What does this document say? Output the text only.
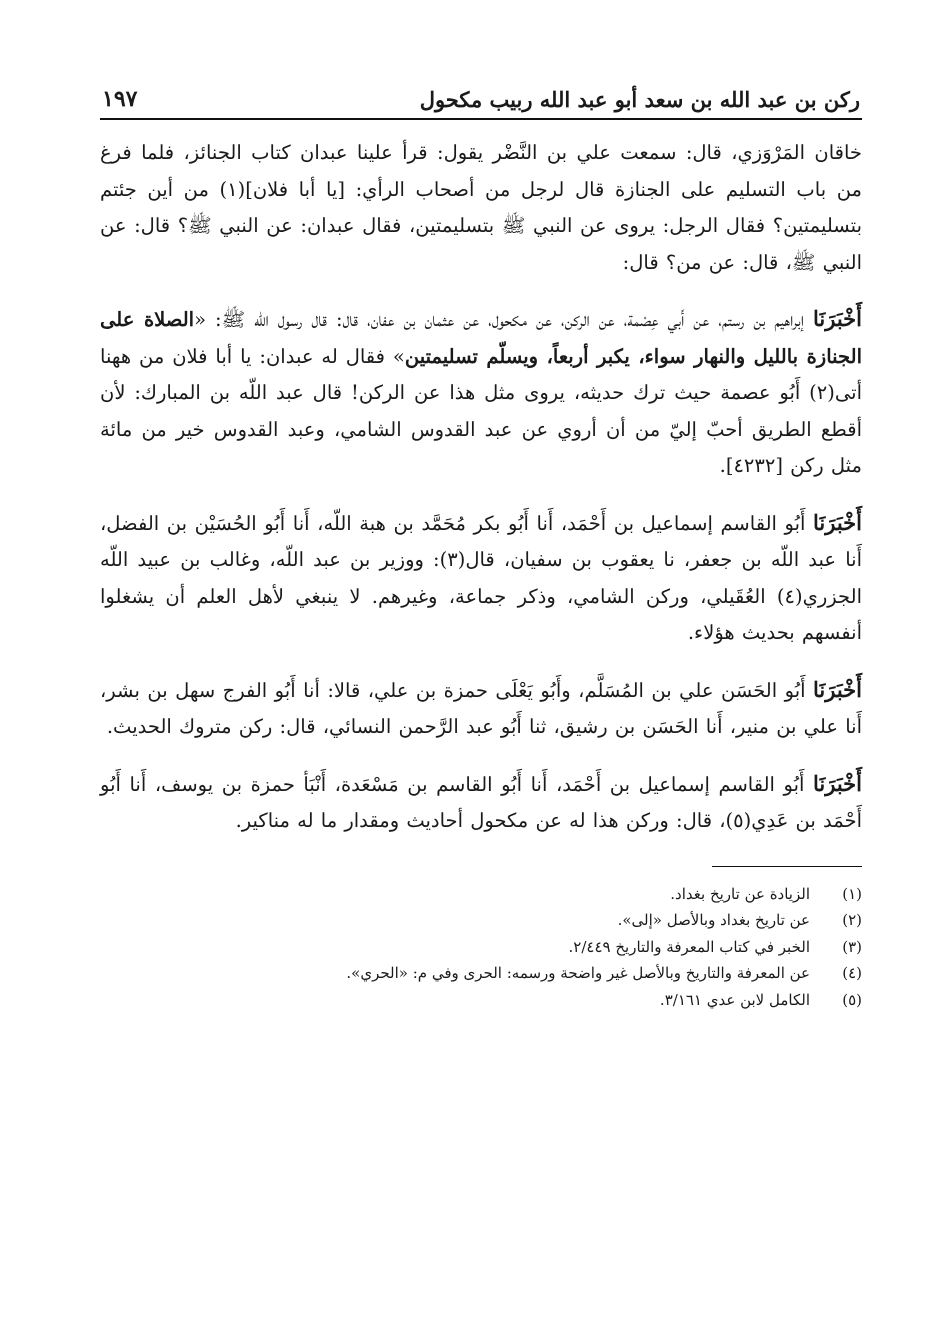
ركن بن عبد الله بن سعد أبو عبد الله ربيب مكحول
١٩٧

خاقان المَرْوَزي، قال: سمعت علي بن النَّضْر يقول: قرأ علينا عبدان كتاب الجنائز، فلما فرغ من باب التسليم على الجنازة قال لرجل من أصحاب الرأي: [يا أبا فلان](١) من أين جئتم بتسليمتين؟ فقال الرجل: يروى عن النبي ﷺ بتسليمتين، فقال عبدان: عن النبي ﷺ؟ قال: عن النبي ﷺ، قال: عن من؟ قال:

أَخْبَرَنَا إبراهيم بن رستم، عن أَبي عِصْمة، عن الركن، عن مكحول، عن عثمان بن عفان، قال: قال رسول الله ﷺ: «الصلاة على الجنازة بالليل والنهار سواء، يكبر أربعاً، ويسلّم تسليمتين» فقال له عبدان: يا أبا فلان من ههنا أتى(٢) أَبُو عصمة حيث ترك حديثه، يروى مثل هذا عن الركن! قال عبد اللّه بن المبارك: لأن أقطع الطريق أحبّ إليّ من أن أروي عن عبد القدوس الشامي، وعبد القدوس خير من مائة مثل ركن [٤٢٣٢].

أَخْبَرَنَا أَبُو القاسم إسماعيل بن أَحْمَد، أَنا أَبُو بكر مُحَمَّد بن هبة اللّه، أَنا أَبُو الحُسَيْن بن الفضل، أَنا عبد اللّه بن جعفر، نا يعقوب بن سفيان، قال(٣): ووزير بن عبد اللّه، وغالب بن عبيد اللّه الجزري(٤) العُقَيلي، وركن الشامي، وذكر جماعة، وغيرهم. لا ينبغي لأهل العلم أن يشغلوا أنفسهم بحديث هؤلاء.

أَخْبَرَنَا أَبُو الحَسَن علي بن المُسَلَّم، وأَبُو يَعْلَى حمزة بن علي، قالا: أنا أَبُو الفرج سهل بن بشر، أَنا علي بن منير، أَنا الحَسَن بن رشيق، ثنا أَبُو عبد الرَّحمن النسائي، قال: ركن متروك الحديث.

أَخْبَرَنَا أَبُو القاسم إسماعيل بن أَحْمَد، أَنا أَبُو القاسم بن مَسْعَدة، أَنْبَأ حمزة بن يوسف، أَنا أَبُو أَحْمَد بن عَدِي(٥)، قال: وركن هذا له عن مكحول أحاديث ومقدار ما له مناكير.

(١)
الزيادة عن تاريخ بغداد.
(٢)
عن تاريخ بغداد وبالأصل «إلى».
(٣)
الخبر في كتاب المعرفة والتاريخ ٢/٤٤٩.
(٤)
عن المعرفة والتاريخ وبالأصل غير واضحة ورسمه: الحرى وفي م: «الحري».
(٥)
الكامل لابن عدي ٣/١٦١.
